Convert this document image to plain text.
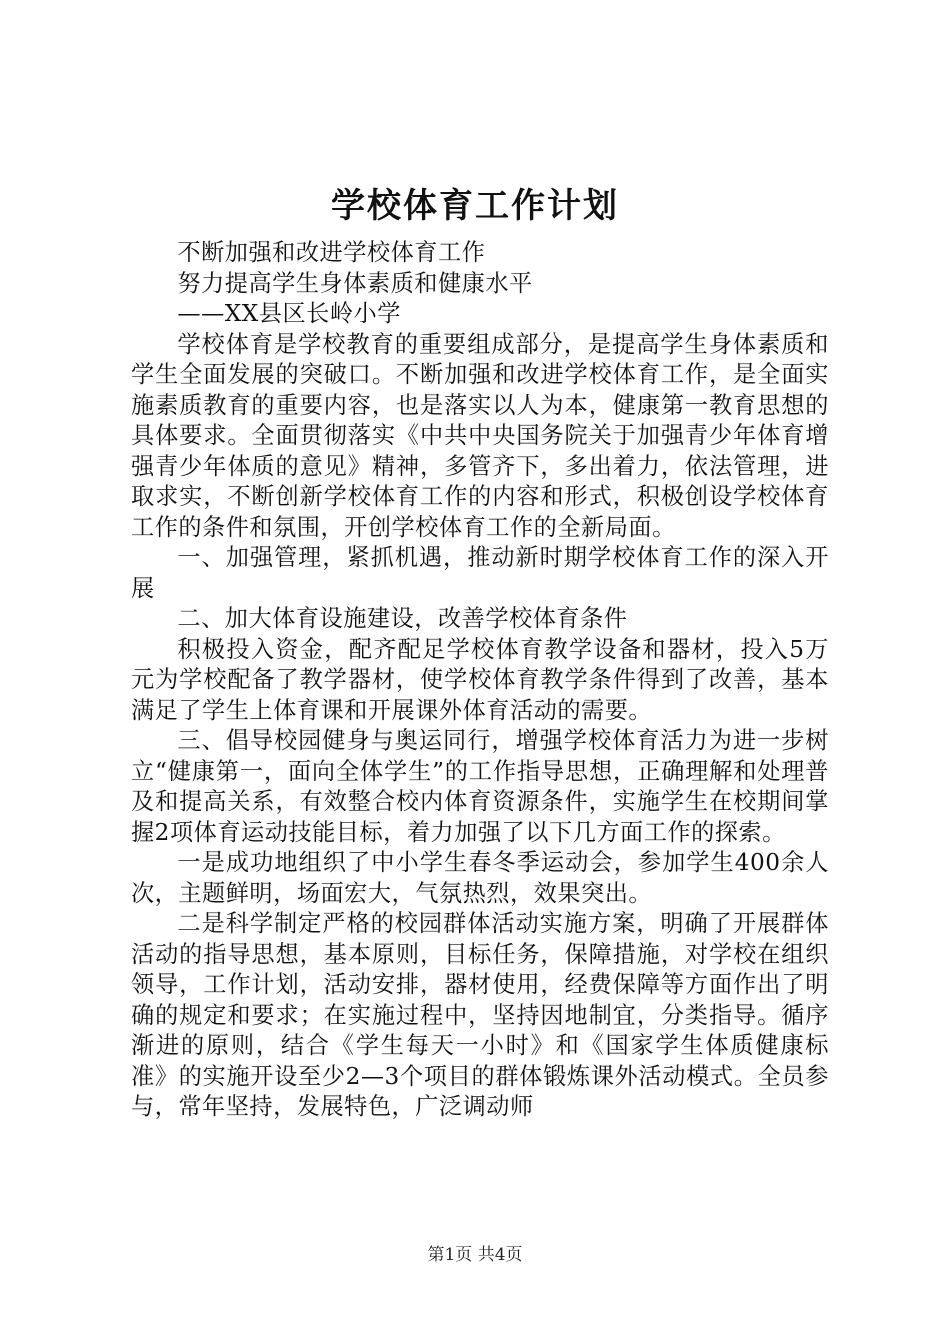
学校体育工作计划

不断加强和改进学校体育工作

努力提高学生身体素质和健康水平

——XX县区长岭小学

学校体育是学校教育的重要组成部分，是提高学生身体素质和学生全面发展的突破口。不断加强和改进学校体育工作，是全面实施素质教育的重要内容，也是落实以人为本，健康第一教育思想的具体要求。全面贯彻落实《中共中央国务院关于加强青少年体育增强青少年体质的意见》精神，多管齐下，多出着力，依法管理，进取求实，不断创新学校体育工作的内容和形式，积极创设学校体育工作的条件和氛围，开创学校体育工作的全新局面。

一、加强管理，紧抓机遇，推动新时期学校体育工作的深入开展

二、加大体育设施建设，改善学校体育条件

积极投入资金，配齐配足学校体育教学设备和器材，投入5万元为学校配备了教学器材，使学校体育教学条件得到了改善，基本满足了学生上体育课和开展课外体育活动的需要。

三、倡导校园健身与奥运同行，增强学校体育活力为进一步树立“健康第一，面向全体学生”的工作指导思想，正确理解和处理普及和提高关系，有效整合校内体育资源条件，实施学生在校期间掌握2项体育运动技能目标，着力加强了以下几方面工作的探索。

一是成功地组织了中小学生春冬季运动会，参加学生400余人次，主题鲜明，场面宏大，气氛热烈，效果突出。

二是科学制定严格的校园群体活动实施方案，明确了开展群体活动的指导思想，基本原则，目标任务，保障措施，对学校在组织领导，工作计划，活动安排，器材使用，经费保障等方面作出了明确的规定和要求；在实施过程中，坚持因地制宜，分类指导。循序渐进的原则，结合《学生每天一小时》和《国家学生体质健康标准》的实施开设至少2—3个项目的群体锻炼课外活动模式。全员参与，常年坚持，发展特色，广泛调动师

第1页 共4页
